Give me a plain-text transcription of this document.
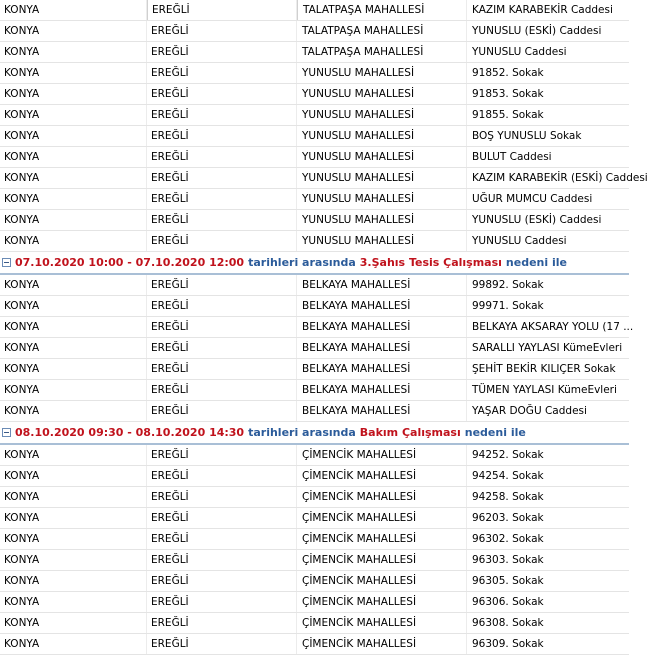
KONYA	EREĞLİ	TALATPAŞA MAHALLESİ	KAZIM KARABEKİR Caddesi
KONYA	EREĞLİ	TALATPAŞA MAHALLESİ	YUNUSLU (ESKİ) Caddesi
KONYA	EREĞLİ	TALATPAŞA MAHALLESİ	YUNUSLU Caddesi
KONYA	EREĞLİ	YUNUSLU MAHALLESİ	91852. Sokak
KONYA	EREĞLİ	YUNUSLU MAHALLESİ	91853. Sokak
KONYA	EREĞLİ	YUNUSLU MAHALLESİ	91855. Sokak
KONYA	EREĞLİ	YUNUSLU MAHALLESİ	BOŞ YUNUSLU Sokak
KONYA	EREĞLİ	YUNUSLU MAHALLESİ	BULUT Caddesi
KONYA	EREĞLİ	YUNUSLU MAHALLESİ	KAZIM KARABEKİR (ESKİ) Caddesi
KONYA	EREĞLİ	YUNUSLU MAHALLESİ	UĞUR MUMCU Caddesi
KONYA	EREĞLİ	YUNUSLU MAHALLESİ	YUNUSLU (ESKİ) Caddesi
KONYA	EREĞLİ	YUNUSLU MAHALLESİ	YUNUSLU Caddesi
07.10.2020 10:00 - 07.10.2020 12:00 tarihleri arasında 3.Şahıs Tesis Çalışması nedeni ile
KONYA	EREĞLİ	BELKAYA MAHALLESİ	99892. Sokak
KONYA	EREĞLİ	BELKAYA MAHALLESİ	99971. Sokak
KONYA	EREĞLİ	BELKAYA MAHALLESİ	BELKAYA AKSARAY YOLU (17 ...
KONYA	EREĞLİ	BELKAYA MAHALLESİ	SARALLI YAYLASI KümeEvleri
KONYA	EREĞLİ	BELKAYA MAHALLESİ	ŞEHİT BEKİR KILIÇER Sokak
KONYA	EREĞLİ	BELKAYA MAHALLESİ	TÜMEN YAYLASI KümeEvleri
KONYA	EREĞLİ	BELKAYA MAHALLESİ	YAŞAR DOĞU Caddesi
08.10.2020 09:30 - 08.10.2020 14:30 tarihleri arasında Bakım Çalışması nedeni ile
KONYA	EREĞLİ	ÇİMENCİK MAHALLESİ	94252. Sokak
KONYA	EREĞLİ	ÇİMENCİK MAHALLESİ	94254. Sokak
KONYA	EREĞLİ	ÇİMENCİK MAHALLESİ	94258. Sokak
KONYA	EREĞLİ	ÇİMENCİK MAHALLESİ	96203. Sokak
KONYA	EREĞLİ	ÇİMENCİK MAHALLESİ	96302. Sokak
KONYA	EREĞLİ	ÇİMENCİK MAHALLESİ	96303. Sokak
KONYA	EREĞLİ	ÇİMENCİK MAHALLESİ	96305. Sokak
KONYA	EREĞLİ	ÇİMENCİK MAHALLESİ	96306. Sokak
KONYA	EREĞLİ	ÇİMENCİK MAHALLESİ	96308. Sokak
KONYA	EREĞLİ	ÇİMENCİK MAHALLESİ	96309. Sokak
